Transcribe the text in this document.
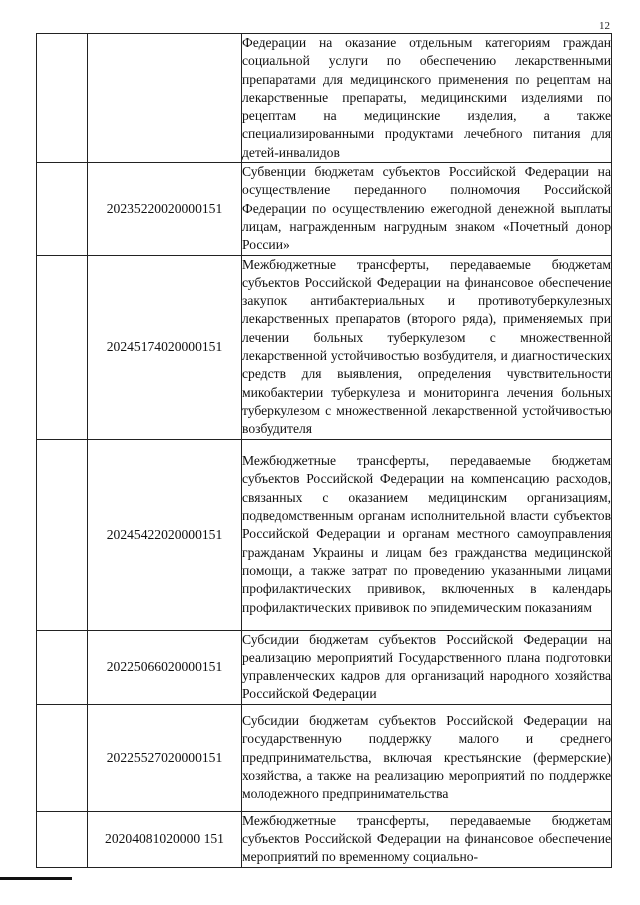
12
		Федерации на оказание отдельным категориям граждан социальной услуги по обеспечению лекарственными препаратами для медицинского применения по рецептам на лекарственные препараты, медицинскими изделиями по рецептам на медицинские изделия, а также специализированными продуктами лечебного питания для детей-инвалидов
	20235220020000151	Субвенции бюджетам субъектов Российской Федерации на осуществление переданного полномочия Российской Федерации по осуществлению ежегодной денежной выплаты лицам, награжденным нагрудным знаком «Почетный донор России»
	20245174020000151	Межбюджетные трансферты, передаваемые бюджетам субъектов Российской Федерации на финансовое обеспечение закупок антибактериальных и противотуберкулезных лекарственных препаратов (второго ряда), применяемых при лечении больных туберкулезом с множественной лекарственной устойчивостью возбудителя, и диагностических средств для выявления, определения чувствительности микобактерии туберкулеза и мониторинга лечения больных туберкулезом с множественной лекарственной устойчивостью возбудителя
	20245422020000151	Межбюджетные трансферты, передаваемые бюджетам субъектов Российской Федерации на компенсацию расходов, связанных с оказанием медицинским организациям, подведомственным органам исполнительной власти субъектов Российской Федерации и органам местного самоуправления гражданам Украины и лицам без гражданства медицинской помощи, а также затрат по проведению указанными лицами профилактических прививок, включенных в календарь профилактических прививок по эпидемическим показаниям
	20225066020000151	Субсидии бюджетам субъектов Российской Федерации на реализацию мероприятий Государственного плана подготовки управленческих кадров для организаций народного хозяйства Российской Федерации
	20225527020000151	Субсидии бюджетам субъектов Российской Федерации на государственную поддержку малого и среднего предпринимательства, включая крестьянские (фермерские) хозяйства, а также на реализацию мероприятий по поддержке молодежного предпринимательства
	20204081020000 151	Межбюджетные трансферты, передаваемые бюджетам субъектов Российской Федерации на финансовое обеспечение мероприятий по временному социально-
